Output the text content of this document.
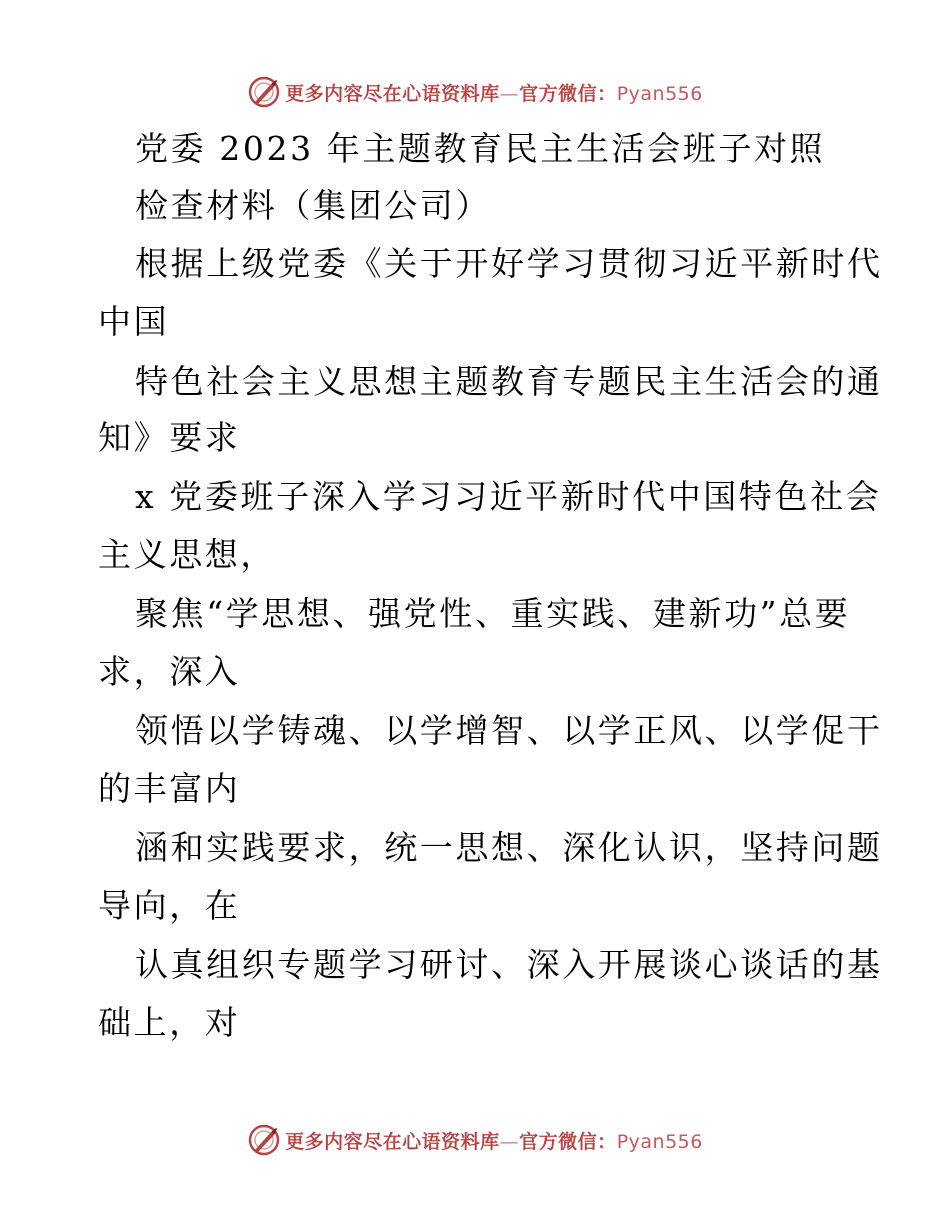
更多内容尽在心语资料库—官方微信：Pyan556
党委 2023 年主题教育民主生活会班子对照
检查材料（集团公司）
根据上级党委《关于开好学习贯彻习近平新时代
中国
特色社会主义思想主题教育专题民主生活会的通
知》要求
x 党委班子深入学习习近平新时代中国特色社会
主义思想，
聚焦“学思想、强党性、重实践、建新功”总要
求，深入
领悟以学铸魂、以学增智、以学正风、以学促干
的丰富内
涵和实践要求，统一思想、深化认识，坚持问题
导向，在
认真组织专题学习研讨、深入开展谈心谈话的基
础上，对
更多内容尽在心语资料库—官方微信：Pyan556
